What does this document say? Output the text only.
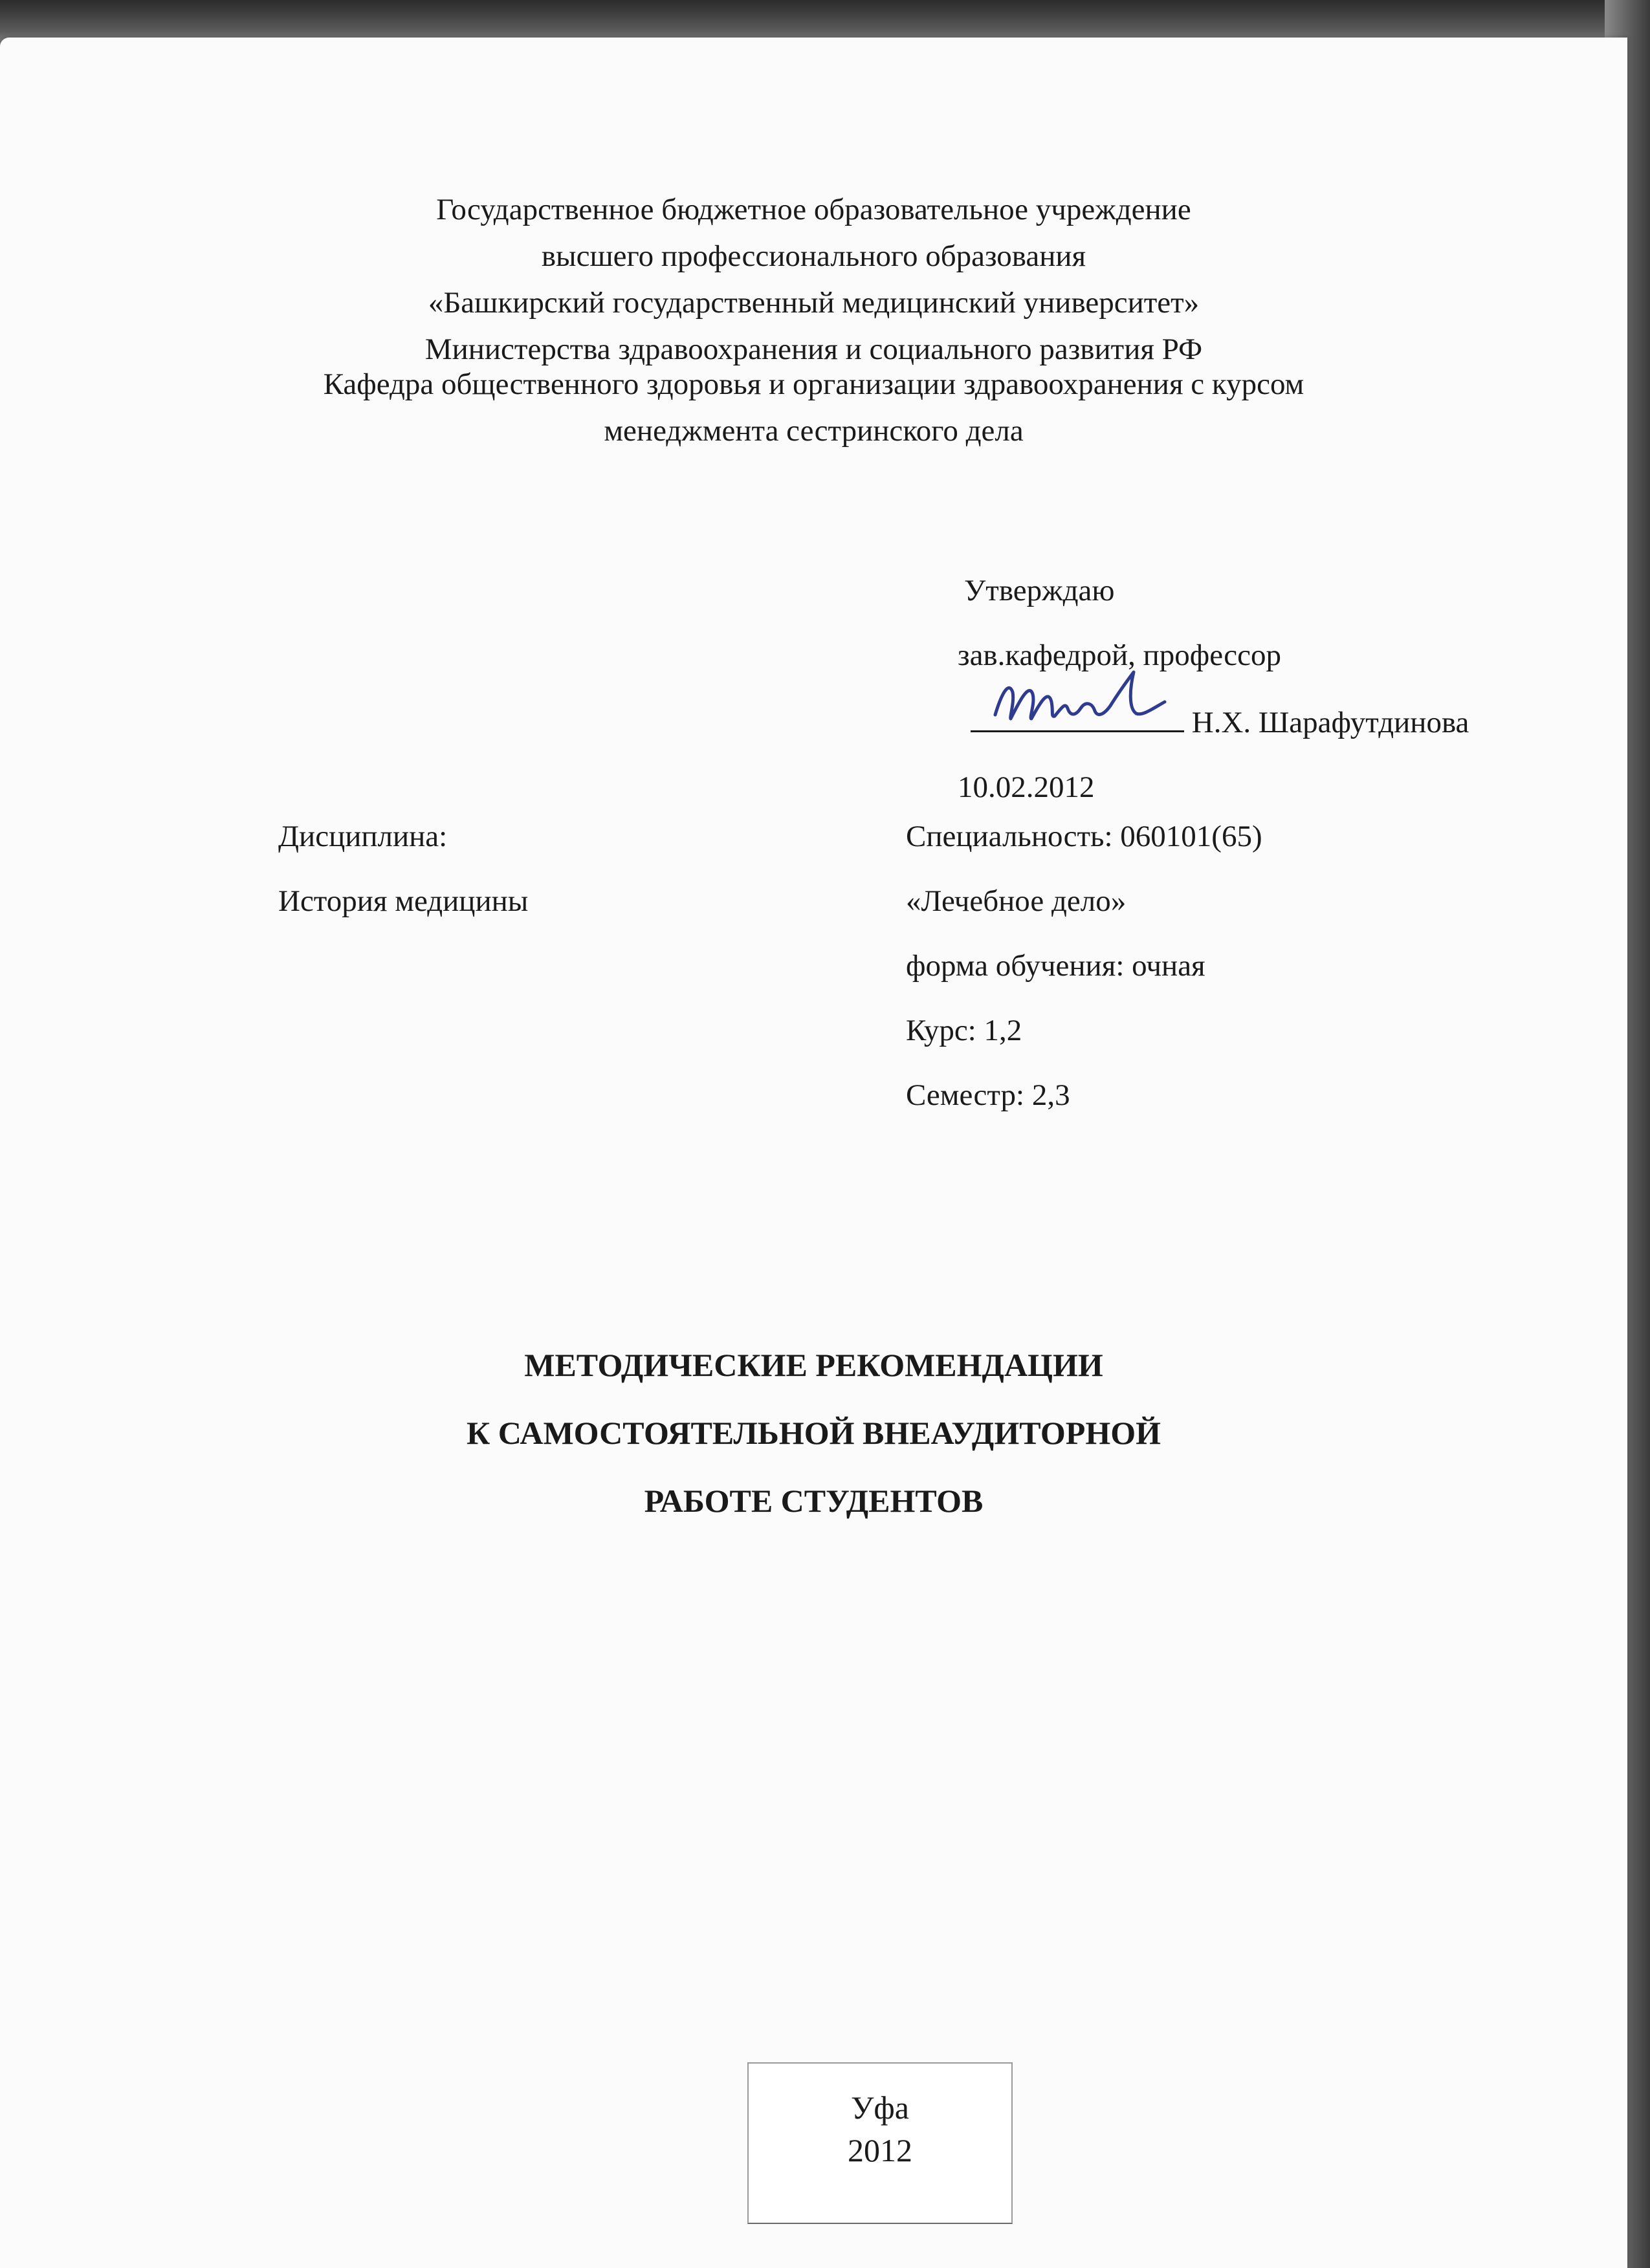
Государственное бюджетное образовательное учреждение
высшего профессионального образования
«Башкирский государственный медицинский университет»
Министерства здравоохранения и социального развития РФ
Кафедра общественного здоровья и организации здравоохранения с курсом
менеджмента сестринского дела
Утверждаю
зав.кафедрой, профессор
Н.Х. Шарафутдинова
10.02.2012
Дисциплина:
История медицины
Специальность: 060101(65)
«Лечебное дело»
форма обучения: очная
Курс: 1,2
Семестр: 2,3
МЕТОДИЧЕСКИЕ РЕКОМЕНДАЦИИ
К САМОСТОЯТЕЛЬНОЙ ВНЕАУДИТОРНОЙ
РАБОТЕ СТУДЕНТОВ
Уфа
2012
